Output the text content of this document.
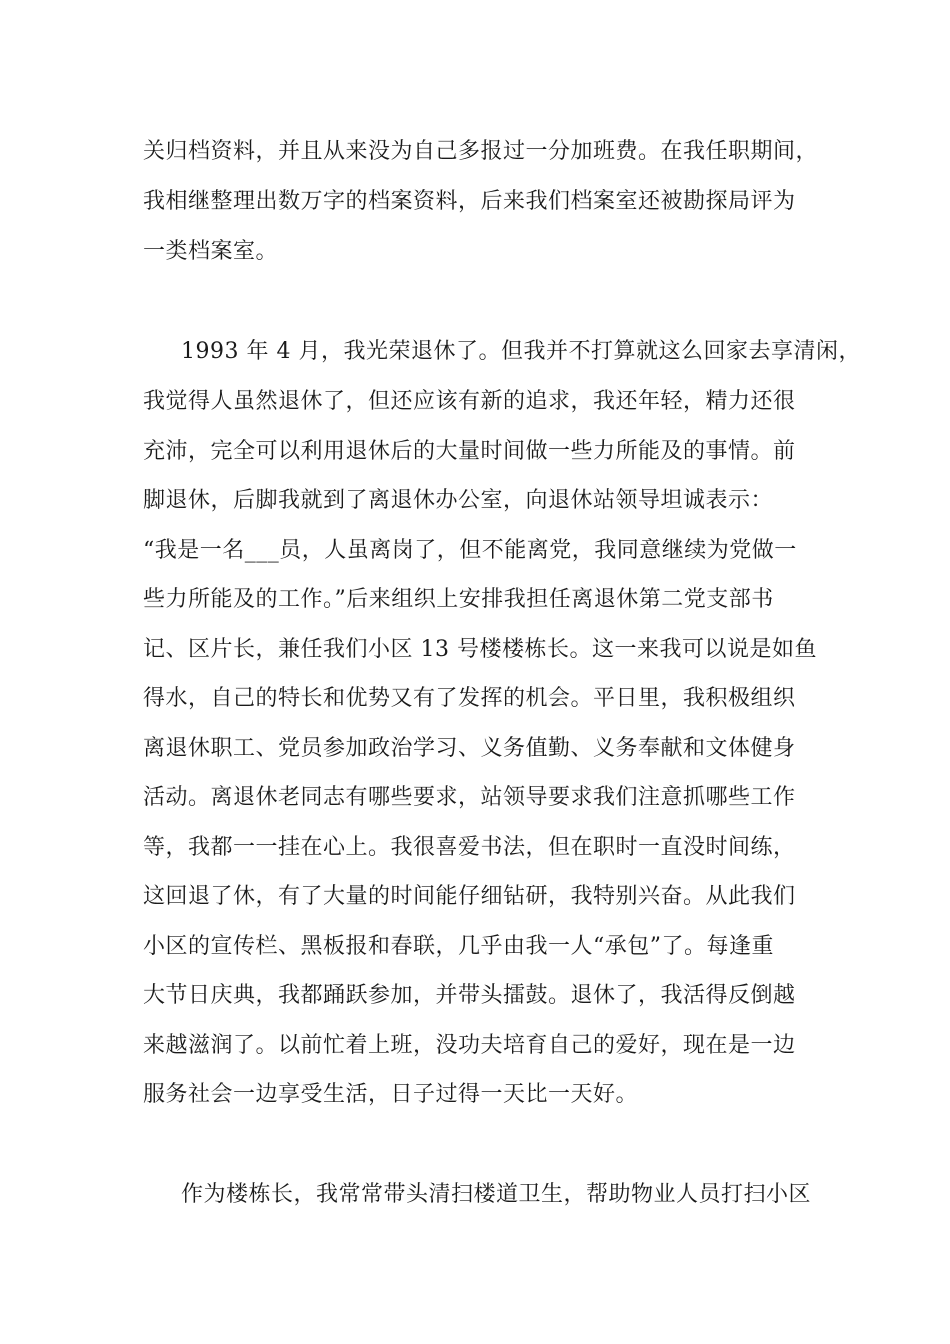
关归档资料，并且从来没为自己多报过一分加班费。在我任职期间，
我相继整理出数万字的档案资料，后来我们档案室还被勘探局评为
一类档案室。
1993 年 4 月，我光荣退休了。但我并不打算就这么回家去享清闲，
我觉得人虽然退休了，但还应该有新的追求，我还年轻，精力还很
充沛，完全可以利用退休后的大量时间做一些力所能及的事情。前
脚退休，后脚我就到了离退休办公室，向退休站领导坦诚表示：
“我是一名___员，人虽离岗了，但不能离党，我同意继续为党做一
些力所能及的工作。”后来组织上安排我担任离退休第二党支部书
记、区片长，兼任我们小区 13 号楼楼栋长。这一来我可以说是如鱼
得水，自己的特长和优势又有了发挥的机会。平日里，我积极组织
离退休职工、党员参加政治学习、义务值勤、义务奉献和文体健身
活动。离退休老同志有哪些要求，站领导要求我们注意抓哪些工作
等，我都一一挂在心上。我很喜爱书法，但在职时一直没时间练，
这回退了休，有了大量的时间能仔细钻研，我特别兴奋。从此我们
小区的宣传栏、黑板报和春联，几乎由我一人“承包”了。每逢重
大节日庆典，我都踊跃参加，并带头擂鼓。退休了，我活得反倒越
来越滋润了。以前忙着上班，没功夫培育自己的爱好，现在是一边
服务社会一边享受生活，日子过得一天比一天好。
作为楼栋长，我常常带头清扫楼道卫生，帮助物业人员打扫小区
